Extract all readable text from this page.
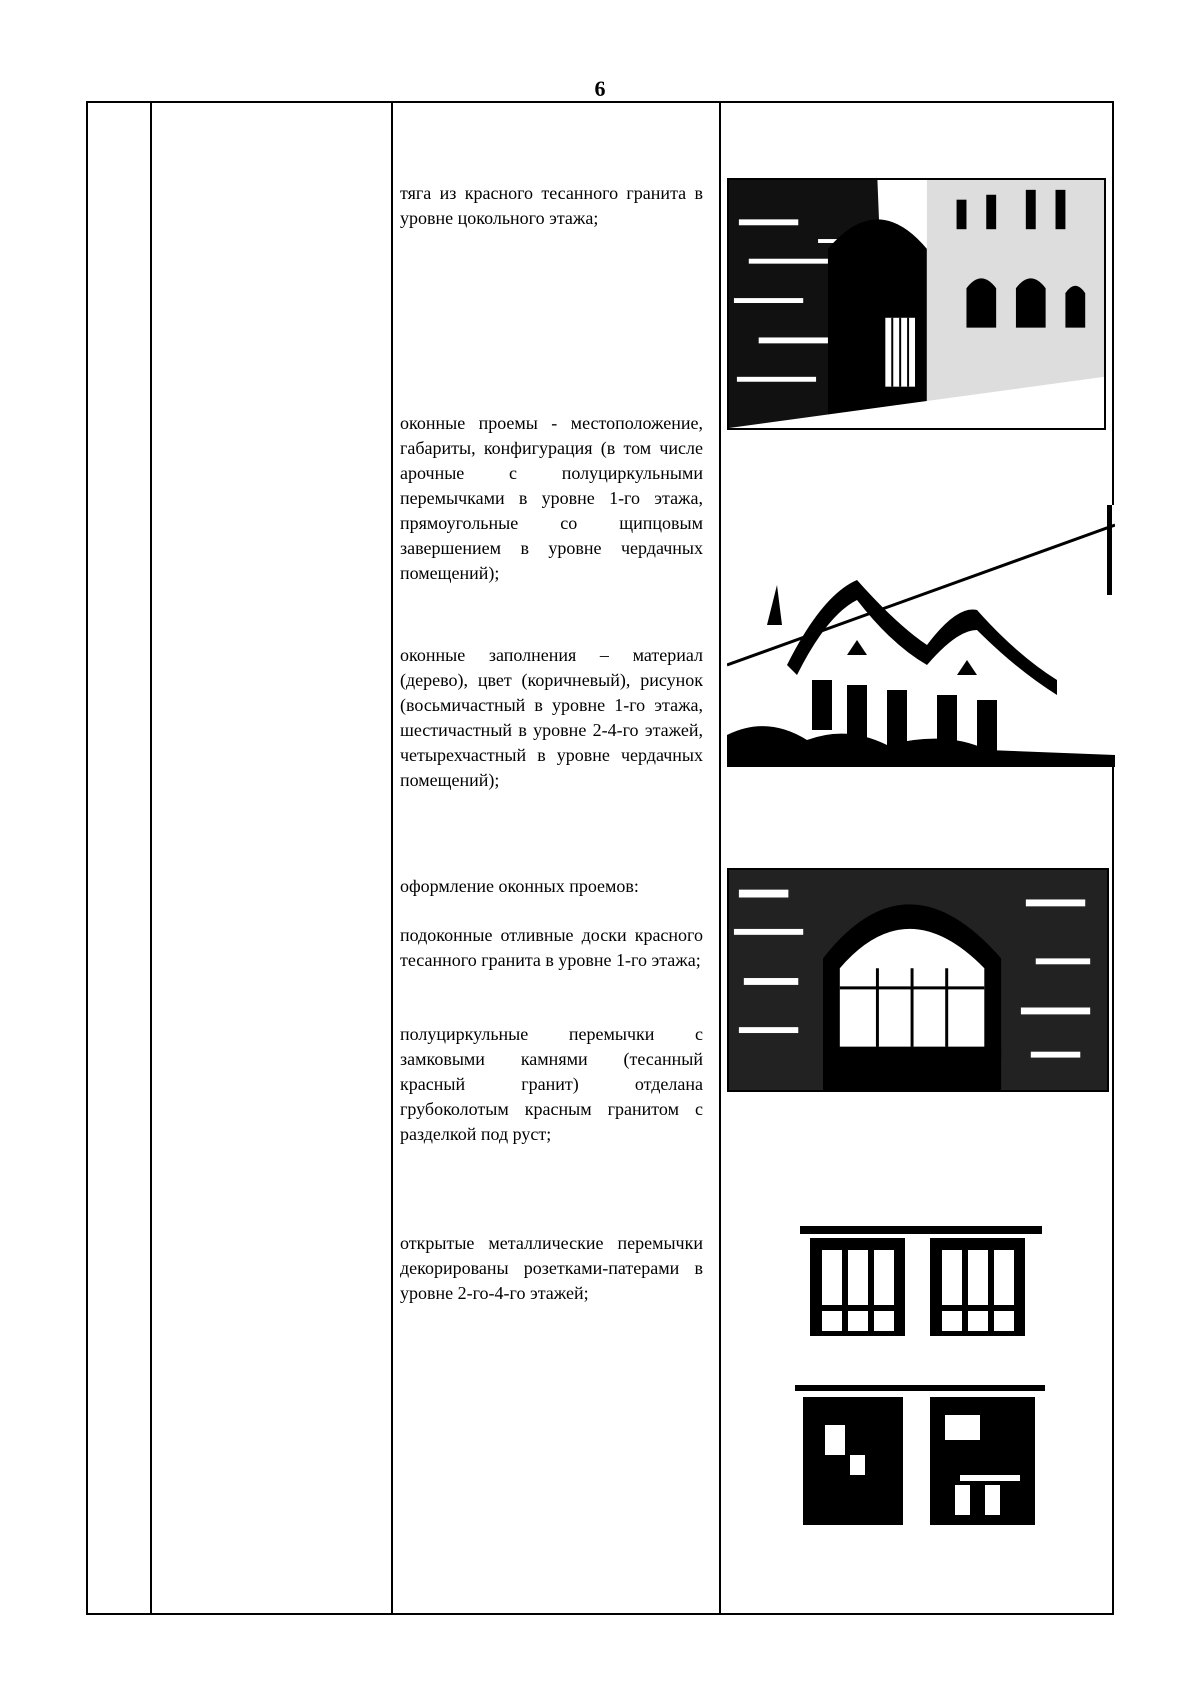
6
тяга из красного тесанного гранита в уровне цокольного этажа;
оконные проемы - местоположение, габариты, конфигурация (в том числе арочные с полуциркульными перемычками в уровне 1-го этажа, прямоугольные со щипцовым завершением в уровне чердачных помещений);
оконные заполнения – материал (дерево), цвет (коричневый), рисунок (восьмичастный в уровне 1-го этажа, шестичастный в уровне 2-4-го этажей, четырехчастный в уровне чердачных помещений);
оформление оконных проемов:
подоконные отливные доски красного тесанного гранита в уровне 1-го этажа;
полуциркульные перемычки с замковыми камнями (тесанный красный гранит) отделана грубоколотым красным гранитом с разделкой под руст;
открытые металлические перемычки декорированы розетками-патерами в уровне 2-го-4-го этажей;
